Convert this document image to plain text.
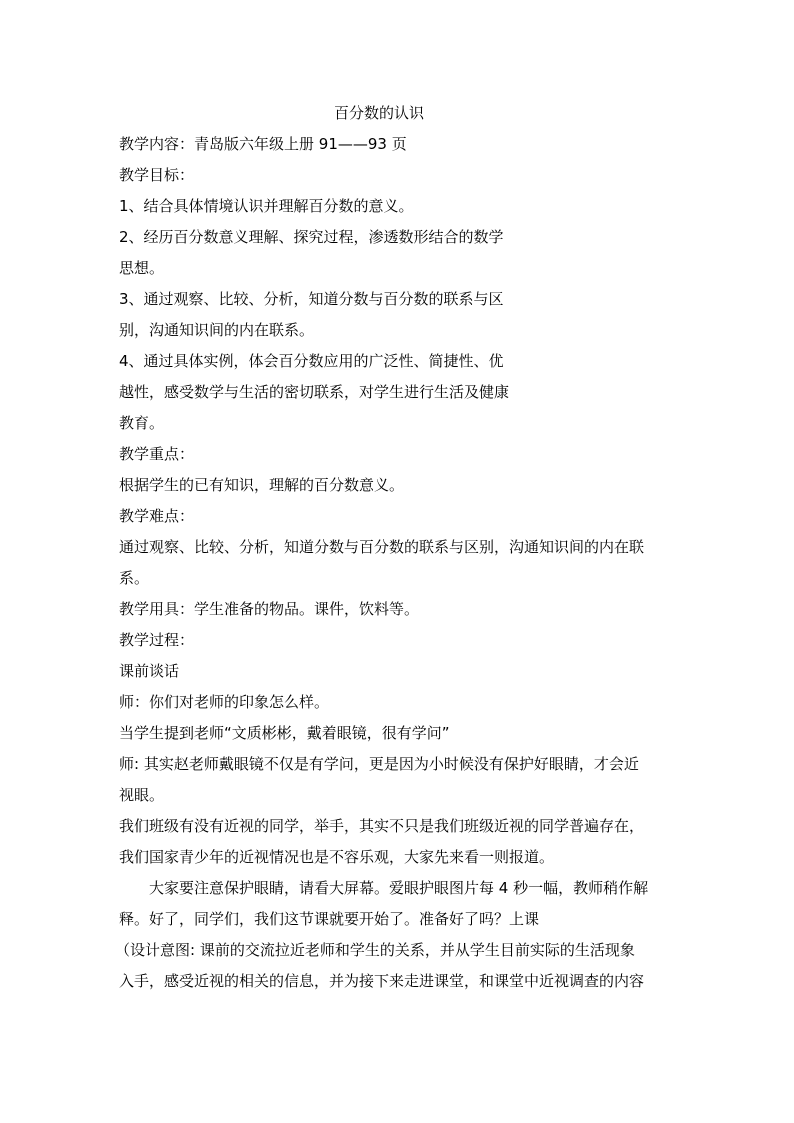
百分数的认识
教学内容：青岛版六年级上册 91——93 页
教学目标：
1、结合具体情境认识并理解百分数的意义。
2、经历百分数意义理解、探究过程，渗透数形结合的数学
思想。
3、通过观察、比较、分析，知道分数与百分数的联系与区
别，沟通知识间的内在联系。
4、通过具体实例，体会百分数应用的广泛性、简捷性、优
越性，感受数学与生活的密切联系，对学生进行生活及健康
教育。
教学重点：
根据学生的已有知识，理解的百分数意义。
教学难点：
通过观察、比较、分析，知道分数与百分数的联系与区别，沟通知识间的内在联
系。
教学用具：学生准备的物品。课件，饮料等。
教学过程：
课前谈话
师：你们对老师的印象怎么样。
当学生提到老师“文质彬彬，戴着眼镜，很有学问”
师: 其实赵老师戴眼镜不仅是有学问，更是因为小时候没有保护好眼睛，才会近
视眼。
我们班级有没有近视的同学，举手，其实不只是我们班级近视的同学普遍存在，
我们国家青少年的近视情况也是不容乐观，大家先来看一则报道。
大家要注意保护眼睛，请看大屏幕。爱眼护眼图片每 4 秒一幅，教师稍作解
释。好了，同学们，我们这节课就要开始了。准备好了吗？上课
（设计意图: 课前的交流拉近老师和学生的关系，并从学生目前实际的生活现象
入手，感受近视的相关的信息，并为接下来走进课堂，和课堂中近视调查的内容
